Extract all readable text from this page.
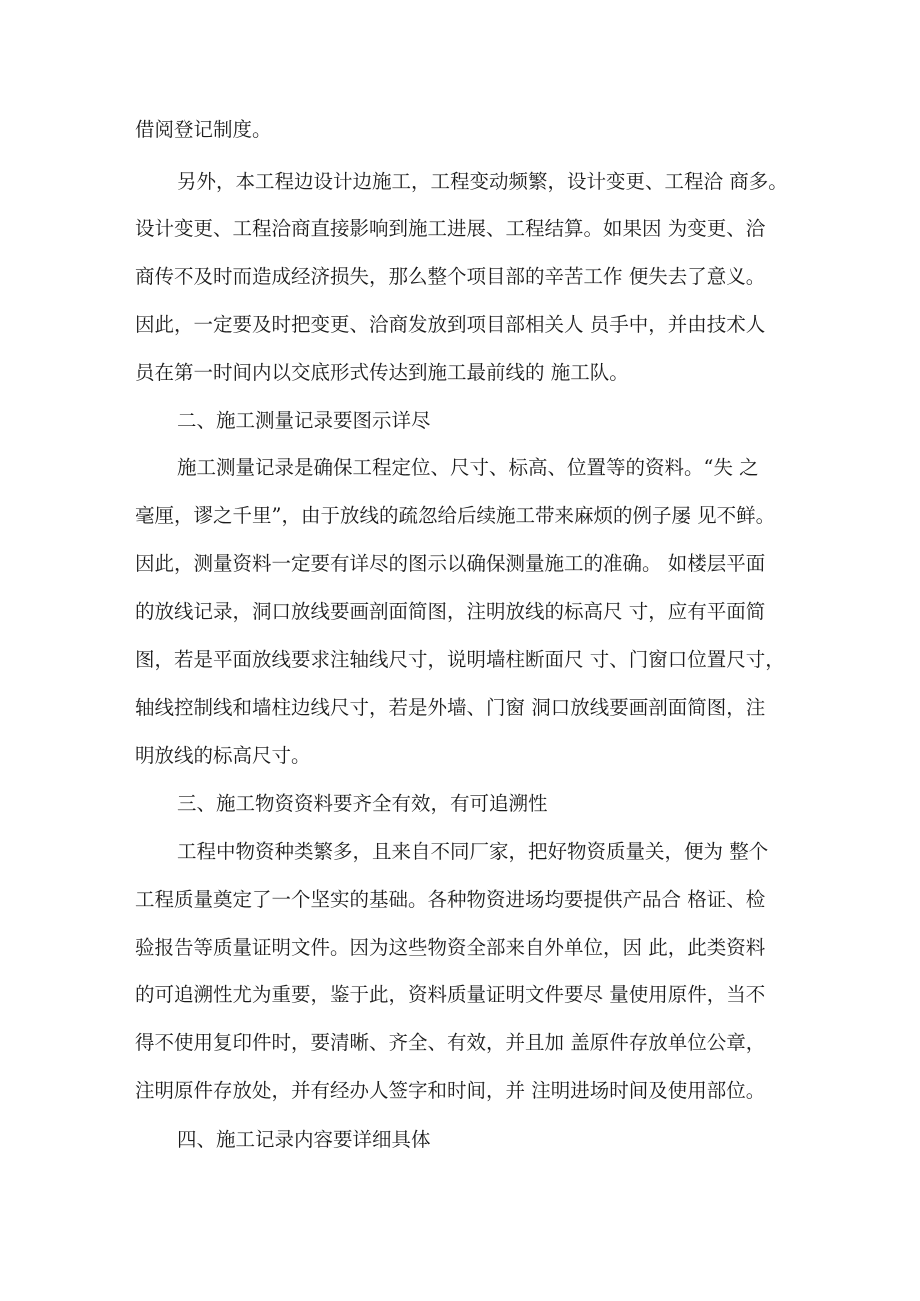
借阅登记制度。
另外，本工程边设计边施工，工程变动频繁，设计变更、工程洽 商多。
设计变更、工程洽商直接影响到施工进展、工程结算。如果因 为变更、洽
商传不及时而造成经济损失，那么整个项目部的辛苦工作 便失去了意义。
因此，一定要及时把变更、洽商发放到项目部相关人 员手中，并由技术人
员在第一时间内以交底形式传达到施工最前线的 施工队。
二、施工测量记录要图示详尽
施工测量记录是确保工程定位、尺寸、标高、位置等的资料。“失 之
毫厘，谬之千里”，由于放线的疏忽给后续施工带来麻烦的例子屡 见不鲜。
因此，测量资料一定要有详尽的图示以确保测量施工的准确。 如楼层平面
的放线记录，洞口放线要画剖面简图，注明放线的标高尺 寸，应有平面简
图，若是平面放线要求注轴线尺寸，说明墙柱断面尺 寸、门窗口位置尺寸，
轴线控制线和墙柱边线尺寸，若是外墙、门窗 洞口放线要画剖面简图，注
明放线的标高尺寸。
三、施工物资资料要齐全有效，有可追溯性
工程中物资种类繁多，且来自不同厂家，把好物资质量关，便为 整个
工程质量奠定了一个坚实的基础。各种物资进场均要提供产品合 格证、检
验报告等质量证明文件。因为这些物资全部来自外单位，因 此，此类资料
的可追溯性尤为重要，鉴于此，资料质量证明文件要尽 量使用原件，当不
得不使用复印件时，要清晰、齐全、有效，并且加 盖原件存放单位公章，
注明原件存放处，并有经办人签字和时间，并 注明进场时间及使用部位。
四、施工记录内容要详细具体
